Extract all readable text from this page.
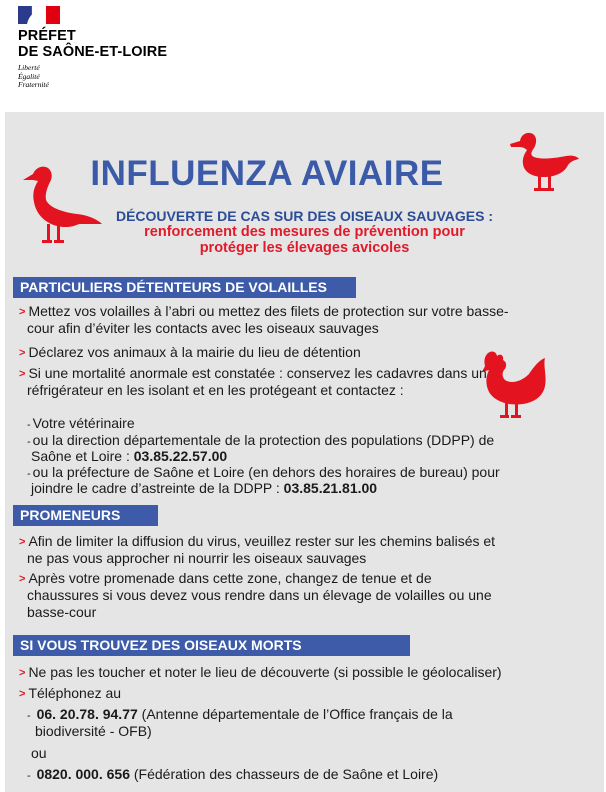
PRÉFET
DE SAÔNE-ET-LOIRE
Liberté
Égalité
Fraternité
INFLUENZA AVIAIRE
DÉCOUVERTE DE CAS SUR DES OISEAUX SAUVAGES :
renforcement des mesures de prévention pour
protéger les élevages avicoles
PARTICULIERS DÉTENTEURS DE VOLAILLES
> Mettez vos volailles à l’abri ou mettez des filets de protection sur votre basse-
cour afin d’éviter les contacts avec les oiseaux sauvages
> Déclarez vos animaux à la mairie du lieu de détention
> Si une mortalité anormale est constatée : conservez les cadavres dans un
réfrigérateur en les isolant et en les protégeant et contactez :
- Votre vétérinaire
- ou la direction départementale de la protection des populations (DDPP) de
Saône et Loire : 03.85.22.57.00
- ou la préfecture de Saône et Loire (en dehors des horaires de bureau) pour
joindre le cadre d’astreinte de la DDPP : 03.85.21.81.00
PROMENEURS
> Afin de limiter la diffusion du virus, veuillez rester sur les chemins balisés et
ne pas vous approcher ni nourrir les oiseaux sauvages
> Après votre promenade dans cette zone, changez de tenue et de
chaussures si vous devez vous rendre dans un élevage de volailles ou une
basse-cour
SI VOUS TROUVEZ DES OISEAUX MORTS
> Ne pas les toucher et noter le lieu de découverte (si possible le géolocaliser)
> Téléphonez au
- 06. 20.78. 94.77 (Antenne départementale de l’Office français de la
biodiversité - OFB)
ou
- 0820. 000. 656 (Fédération des chasseurs de de Saône et Loire)
